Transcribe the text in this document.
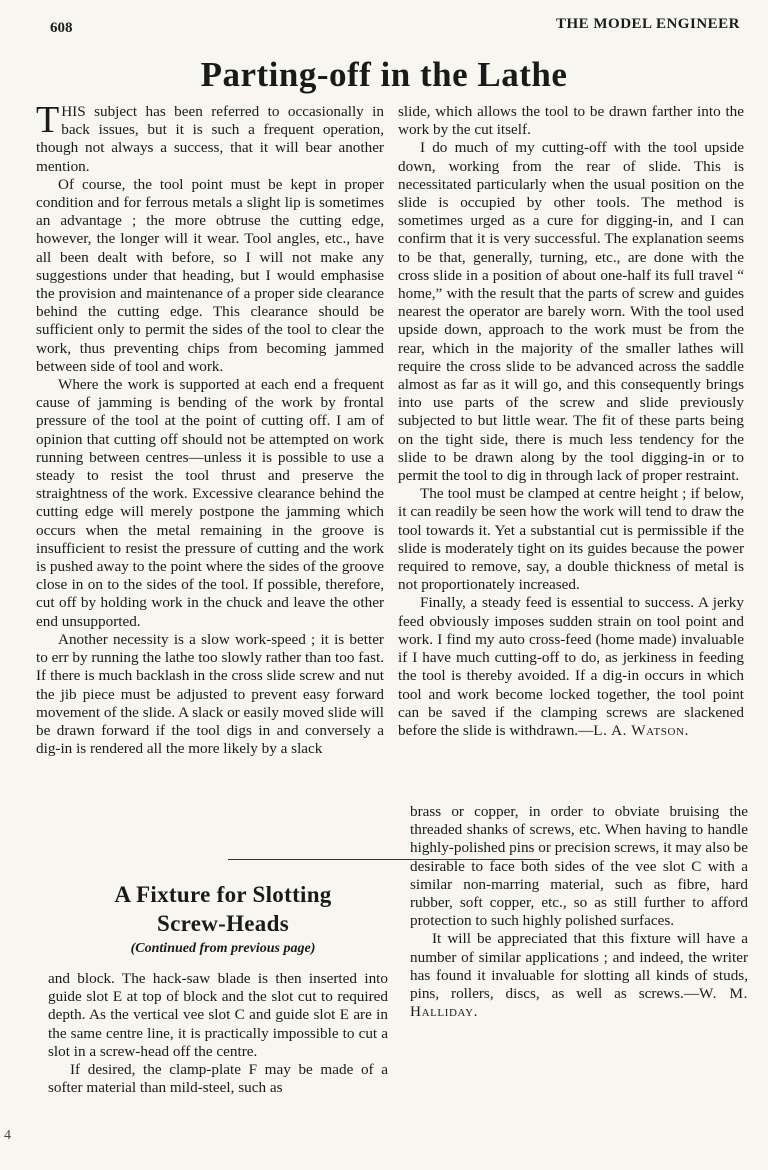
608	THE MODEL ENGINEER
Parting-off in the Lathe

THIS subject has been referred to occasionally in back issues, but it is such a frequent operation, though not always a success, that it will bear another mention.

Of course, the tool point must be kept in proper condition and for ferrous metals a slight lip is sometimes an advantage ; the more obtruse the cutting edge, however, the longer will it wear. Tool angles, etc., have all been dealt with before, so I will not make any suggestions under that heading, but I would emphasise the provision and maintenance of a proper side clearance behind the cutting edge. This clearance should be sufficient only to permit the sides of the tool to clear the work, thus preventing chips from becoming jammed between side of tool and work.

Where the work is supported at each end a frequent cause of jamming is bending of the work by frontal pressure of the tool at the point of cutting off. I am of opinion that cutting off should not be attempted on work running between centres—unless it is possible to use a steady to resist the tool thrust and preserve the straightness of the work. Excessive clearance behind the cutting edge will merely postpone the jamming which occurs when the metal remaining in the groove is insufficient to resist the pressure of cutting and the work is pushed away to the point where the sides of the groove close in on to the sides of the tool. If possible, therefore, cut off by holding work in the chuck and leave the other end unsupported.

Another necessity is a slow work-speed ; it is better to err by running the lathe too slowly rather than too fast. If there is much backlash in the cross slide screw and nut the jib piece must be adjusted to prevent easy forward movement of the slide. A slack or easily moved slide will be drawn forward if the tool digs in and conversely a dig-in is rendered all the more likely by a slack

slide, which allows the tool to be drawn farther into the work by the cut itself.

I do much of my cutting-off with the tool upside down, working from the rear of slide. This is necessitated particularly when the usual position on the slide is occupied by other tools. The method is sometimes urged as a cure for digging-in, and I can confirm that it is very successful. The explanation seems to be that, generally, turning, etc., are done with the cross slide in a position of about one-half its full travel “ home,” with the result that the parts of screw and guides nearest the operator are barely worn. With the tool used upside down, approach to the work must be from the rear, which in the majority of the smaller lathes will require the cross slide to be advanced across the saddle almost as far as it will go, and this consequently brings into use parts of the screw and slide previously subjected to but little wear. The fit of these parts being on the tight side, there is much less tendency for the slide to be drawn along by the tool digging-in or to permit the tool to dig in through lack of proper restraint.

The tool must be clamped at centre height ; if below, it can readily be seen how the work will tend to draw the tool towards it. Yet a substantial cut is permissible if the slide is moderately tight on its guides because the power required to remove, say, a double thickness of metal is not proportionately increased.

Finally, a steady feed is essential to success. A jerky feed obviously imposes sudden strain on tool point and work. I find my auto cross-feed (home made) invaluable if I have much cutting-off to do, as jerkiness in feeding the tool is thereby avoided. If a dig-in occurs in which tool and work become locked together, the tool point can be saved if the clamping screws are slackened before the slide is withdrawn.—L. A. Watson.

A Fixture for Slotting
Screw-Heads
(Continued from previous page)

and block. The hack-saw blade is then inserted into guide slot E at top of block and the slot cut to required depth. As the vertical vee slot C and guide slot E are in the same centre line, it is practically impossible to cut a slot in a screw-head off the centre.

If desired, the clamp-plate F may be made of a softer material than mild-steel, such as

brass or copper, in order to obviate bruising the threaded shanks of screws, etc. When having to handle highly-polished pins or precision screws, it may also be desirable to face both sides of the vee slot C with a similar non-marring material, such as fibre, hard rubber, soft copper, etc., so as still further to afford protection to such highly polished surfaces.

It will be appreciated that this fixture will have a number of similar applications ; and indeed, the writer has found it invaluable for slotting all kinds of studs, pins, rollers, discs, as well as screws.—W. M. Halliday.

4
